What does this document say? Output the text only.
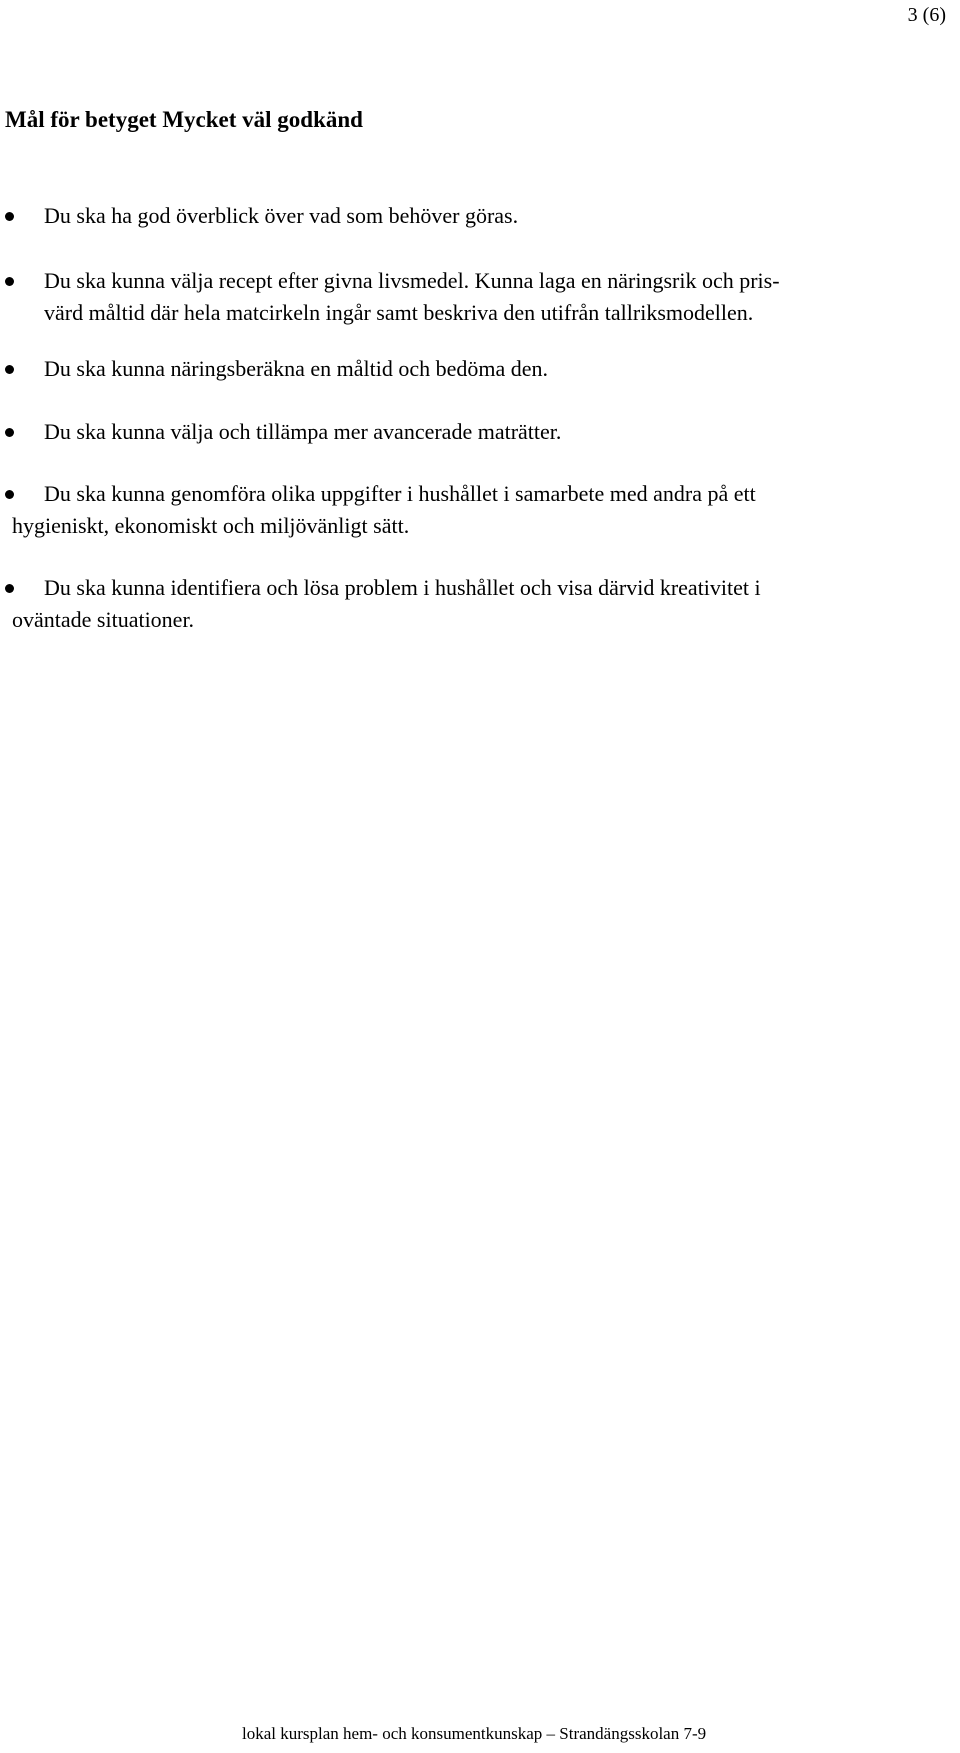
3 (6)
Mål för betyget Mycket väl godkänd
Du ska ha god överblick över vad som behöver göras.
Du ska kunna välja recept efter givna livsmedel. Kunna laga en näringsrik och pris-
värd måltid där hela matcirkeln ingår samt beskriva den utifrån tallriksmodellen.
Du ska kunna näringsberäkna en måltid och bedöma den.
Du ska kunna välja och tillämpa mer avancerade maträtter.
Du ska kunna genomföra olika uppgifter i hushållet i samarbete med andra på ett
hygieniskt, ekonomiskt och miljövänligt sätt.
Du ska kunna identifiera och lösa problem i hushållet och visa därvid kreativitet i
oväntade situationer.
lokal kursplan hem- och konsumentkunskap – Strandängsskolan 7-9
